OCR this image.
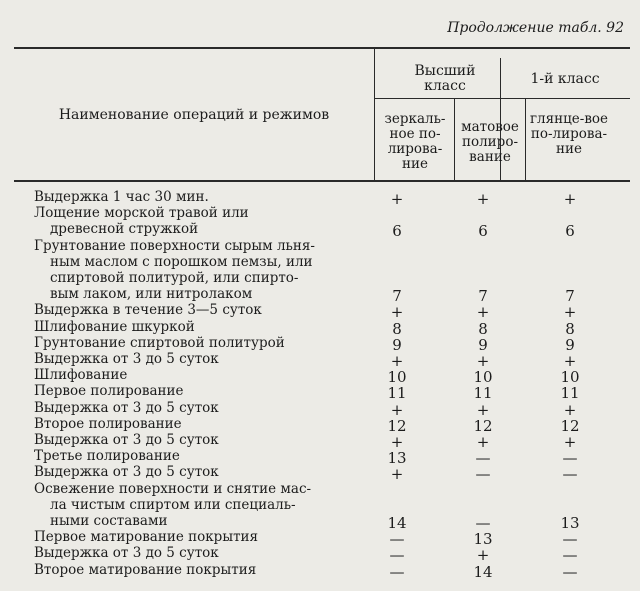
Продолжение табл. 92
Наименование операций и режимов
Высший класс	1-й класс
зеркаль-ное по-лирова-ние
матовое полиро-вание
глянце-вое по-лирова-ние
Выдержка 1 час 30 мин.	+	+	+
Лощение морской травой или
древесной стружкой	6	6	6
Грунтование поверхности сырым льня-
ным маслом с порошком пемзы, или
спиртовой политурой, или спирто-
вым лаком, или нитролаком	7	7	7
Выдержка в течение 3—5 суток	+	+	+
Шлифование шкуркой	8	8	8
Грунтование спиртовой политурой	9	9	9
Выдержка от 3 до 5 суток	+	+	+
Шлифование	10	10	10
Первое полирование	11	11	11
Выдержка от 3 до 5 суток	+	+	+
Второе полирование	12	12	12
Выдержка от 3 до 5 суток	+	+	+
Третье полирование	13	—	—
Выдержка от 3 до 5 суток	+	—	—
Освежение поверхности и снятие мас-
ла чистым спиртом или специаль-
ными составами	14	—	13
Первое матирование покрытия	—	13	—
Выдержка от 3 до 5 суток	—	+	—
Второе матирование покрытия	—	14	—
